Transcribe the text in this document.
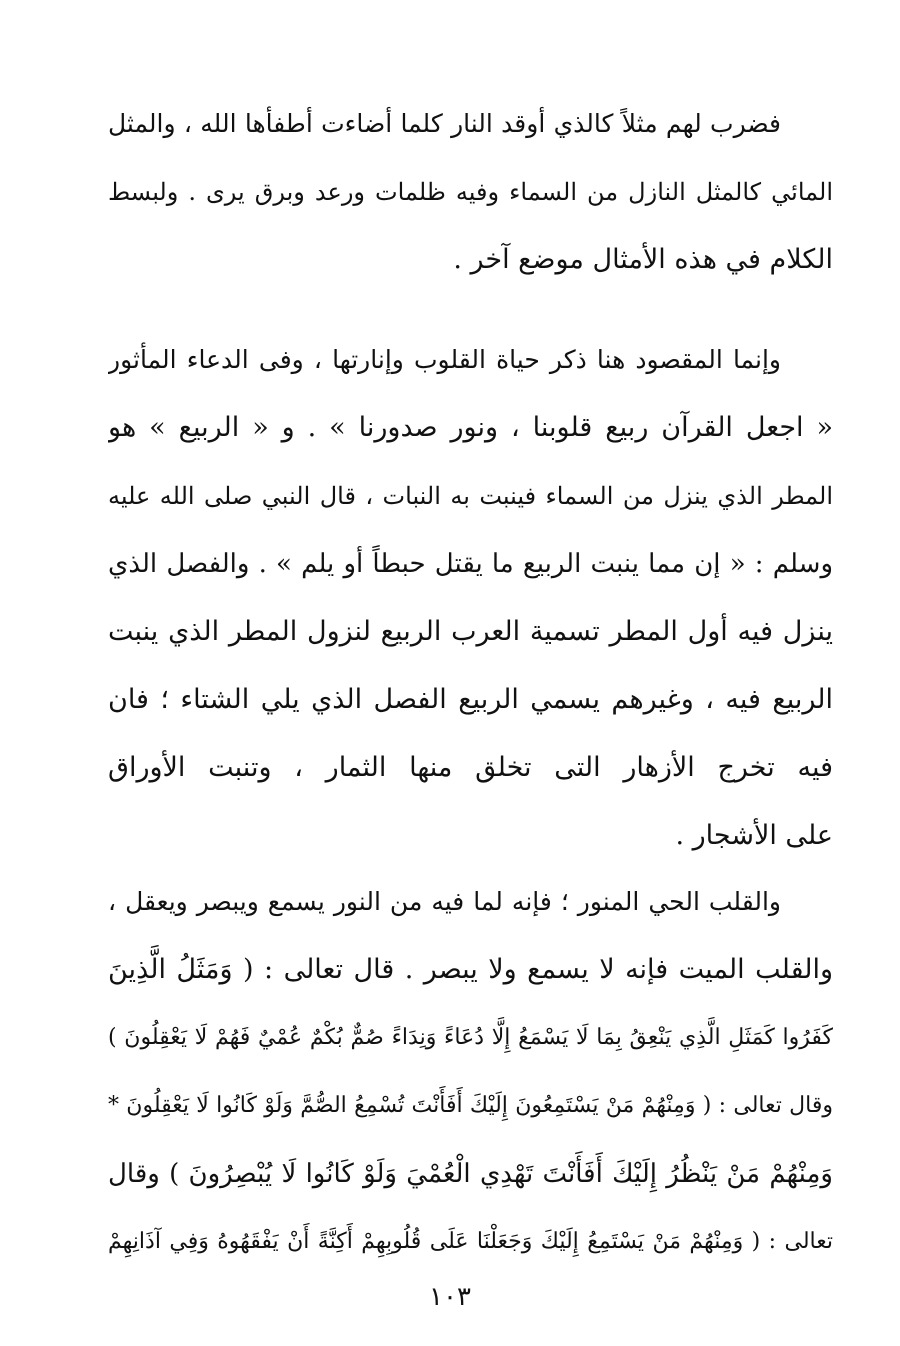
فضرب لهم مثلاً كالذي أوقد النار كلما أضاءت أطفأها الله ، والمثل
المائي كالمثل النازل من السماء وفيه ظلمات ورعد وبرق يرى . ولبسط
الكلام في هذه الأمثال موضع آخر .
وإنما المقصود هنا ذكر حياة القلوب وإنارتها ، وفى الدعاء المأثور
« اجعل القرآن ربيع قلوبنا ، ونور صدورنا » . و « الربيع » هو
المطر الذي ينزل من السماء فينبت به النبات ، قال النبي صلى الله عليه
وسلم : « إن مما ينبت الربيع ما يقتل حبطاً أو يلم » . والفصل الذي
ينزل فيه أول المطر تسمية العرب الربيع لنزول المطر الذي ينبت
الربيع فيه ، وغيرهم يسمي الربيع الفصل الذي يلي الشتاء ؛ فان
فيه تخرج الأزهار التى تخلق منها الثمار ، وتنبت الأوراق
على الأشجار .
والقلب الحي المنور ؛ فإنه لما فيه من النور يسمع ويبصر ويعقل ،
والقلب الميت فإنه لا يسمع ولا يبصر . قال تعالى : ( وَمَثَلُ الَّذِينَ
كَفَرُوا كَمَثَلِ الَّذِي يَنْعِقُ بِمَا لَا يَسْمَعُ إِلَّا دُعَاءً وَنِدَاءً صُمٌّ بُكْمٌ عُمْيٌ فَهُمْ لَا يَعْقِلُونَ )
وقال تعالى : ( وَمِنْهُمْ مَنْ يَسْتَمِعُونَ إِلَيْكَ أَفَأَنْتَ تُسْمِعُ الصُّمَّ وَلَوْ كَانُوا لَا يَعْقِلُونَ *
وَمِنْهُمْ مَنْ يَنْظُرُ إِلَيْكَ أَفَأَنْتَ تَهْدِي الْعُمْيَ وَلَوْ كَانُوا لَا يُبْصِرُونَ ) وقال
تعالى : ( وَمِنْهُمْ مَنْ يَسْتَمِعُ إِلَيْكَ وَجَعَلْنَا عَلَى قُلُوبِهِمْ أَكِنَّةً أَنْ يَفْقَهُوهُ وَفِي آذَانِهِمْ
١٠٣
